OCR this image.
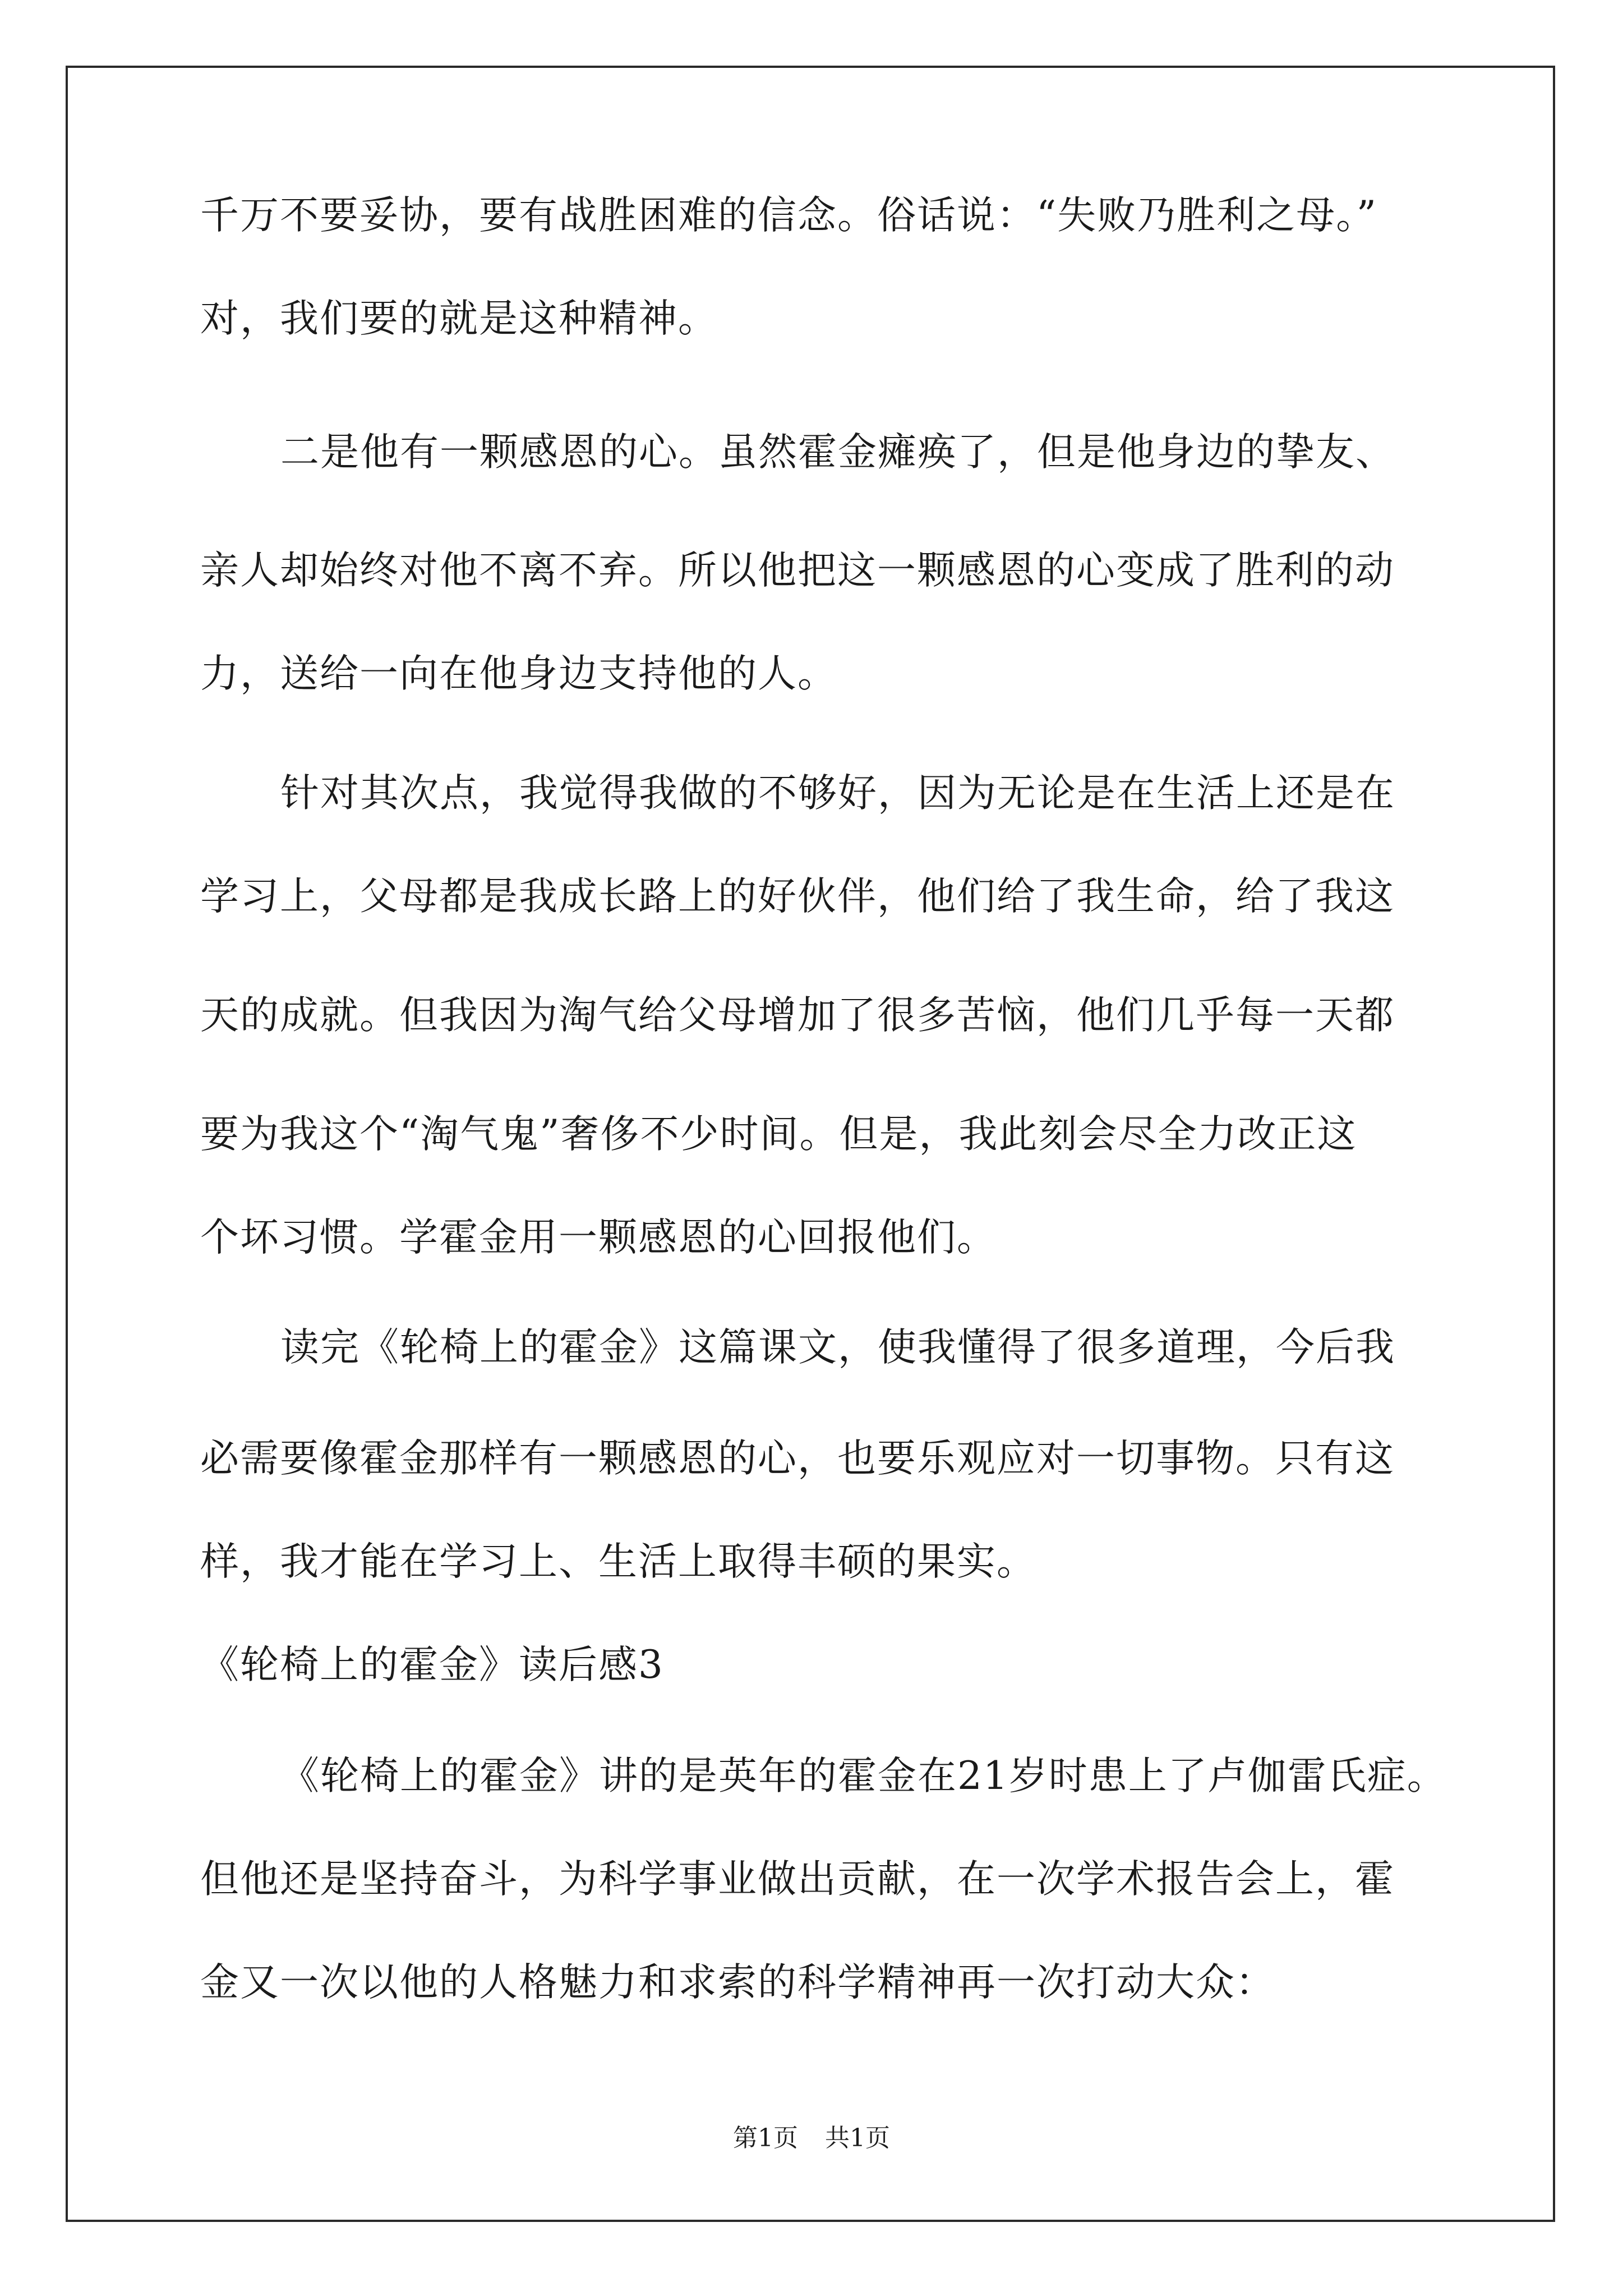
千万不要妥协，要有战胜困难的信念。俗话说：“失败乃胜利之母。”

对，我们要的就是这种精神。

二是他有一颗感恩的心。虽然霍金瘫痪了，但是他身边的挚友、

亲人却始终对他不离不弃。所以他把这一颗感恩的心变成了胜利的动

力，送给一向在他身边支持他的人。

针对其次点，我觉得我做的不够好，因为无论是在生活上还是在

学习上，父母都是我成长路上的好伙伴，他们给了我生命，给了我这

天的成就。但我因为淘气给父母增加了很多苦恼，他们几乎每一天都

要为我这个“淘气鬼”奢侈不少时间。但是，我此刻会尽全力改正这

个坏习惯。学霍金用一颗感恩的心回报他们。

读完《轮椅上的霍金》这篇课文，使我懂得了很多道理，今后我

必需要像霍金那样有一颗感恩的心，也要乐观应对一切事物。只有这

样，我才能在学习上、生活上取得丰硕的果实。

《轮椅上的霍金》读后感3

《轮椅上的霍金》讲的是英年的霍金在21岁时患上了卢伽雷氏症。

但他还是坚持奋斗，为科学事业做出贡献，在一次学术报告会上，霍

金又一次以他的人格魅力和求索的科学精神再一次打动大众：

第1页 共1页
